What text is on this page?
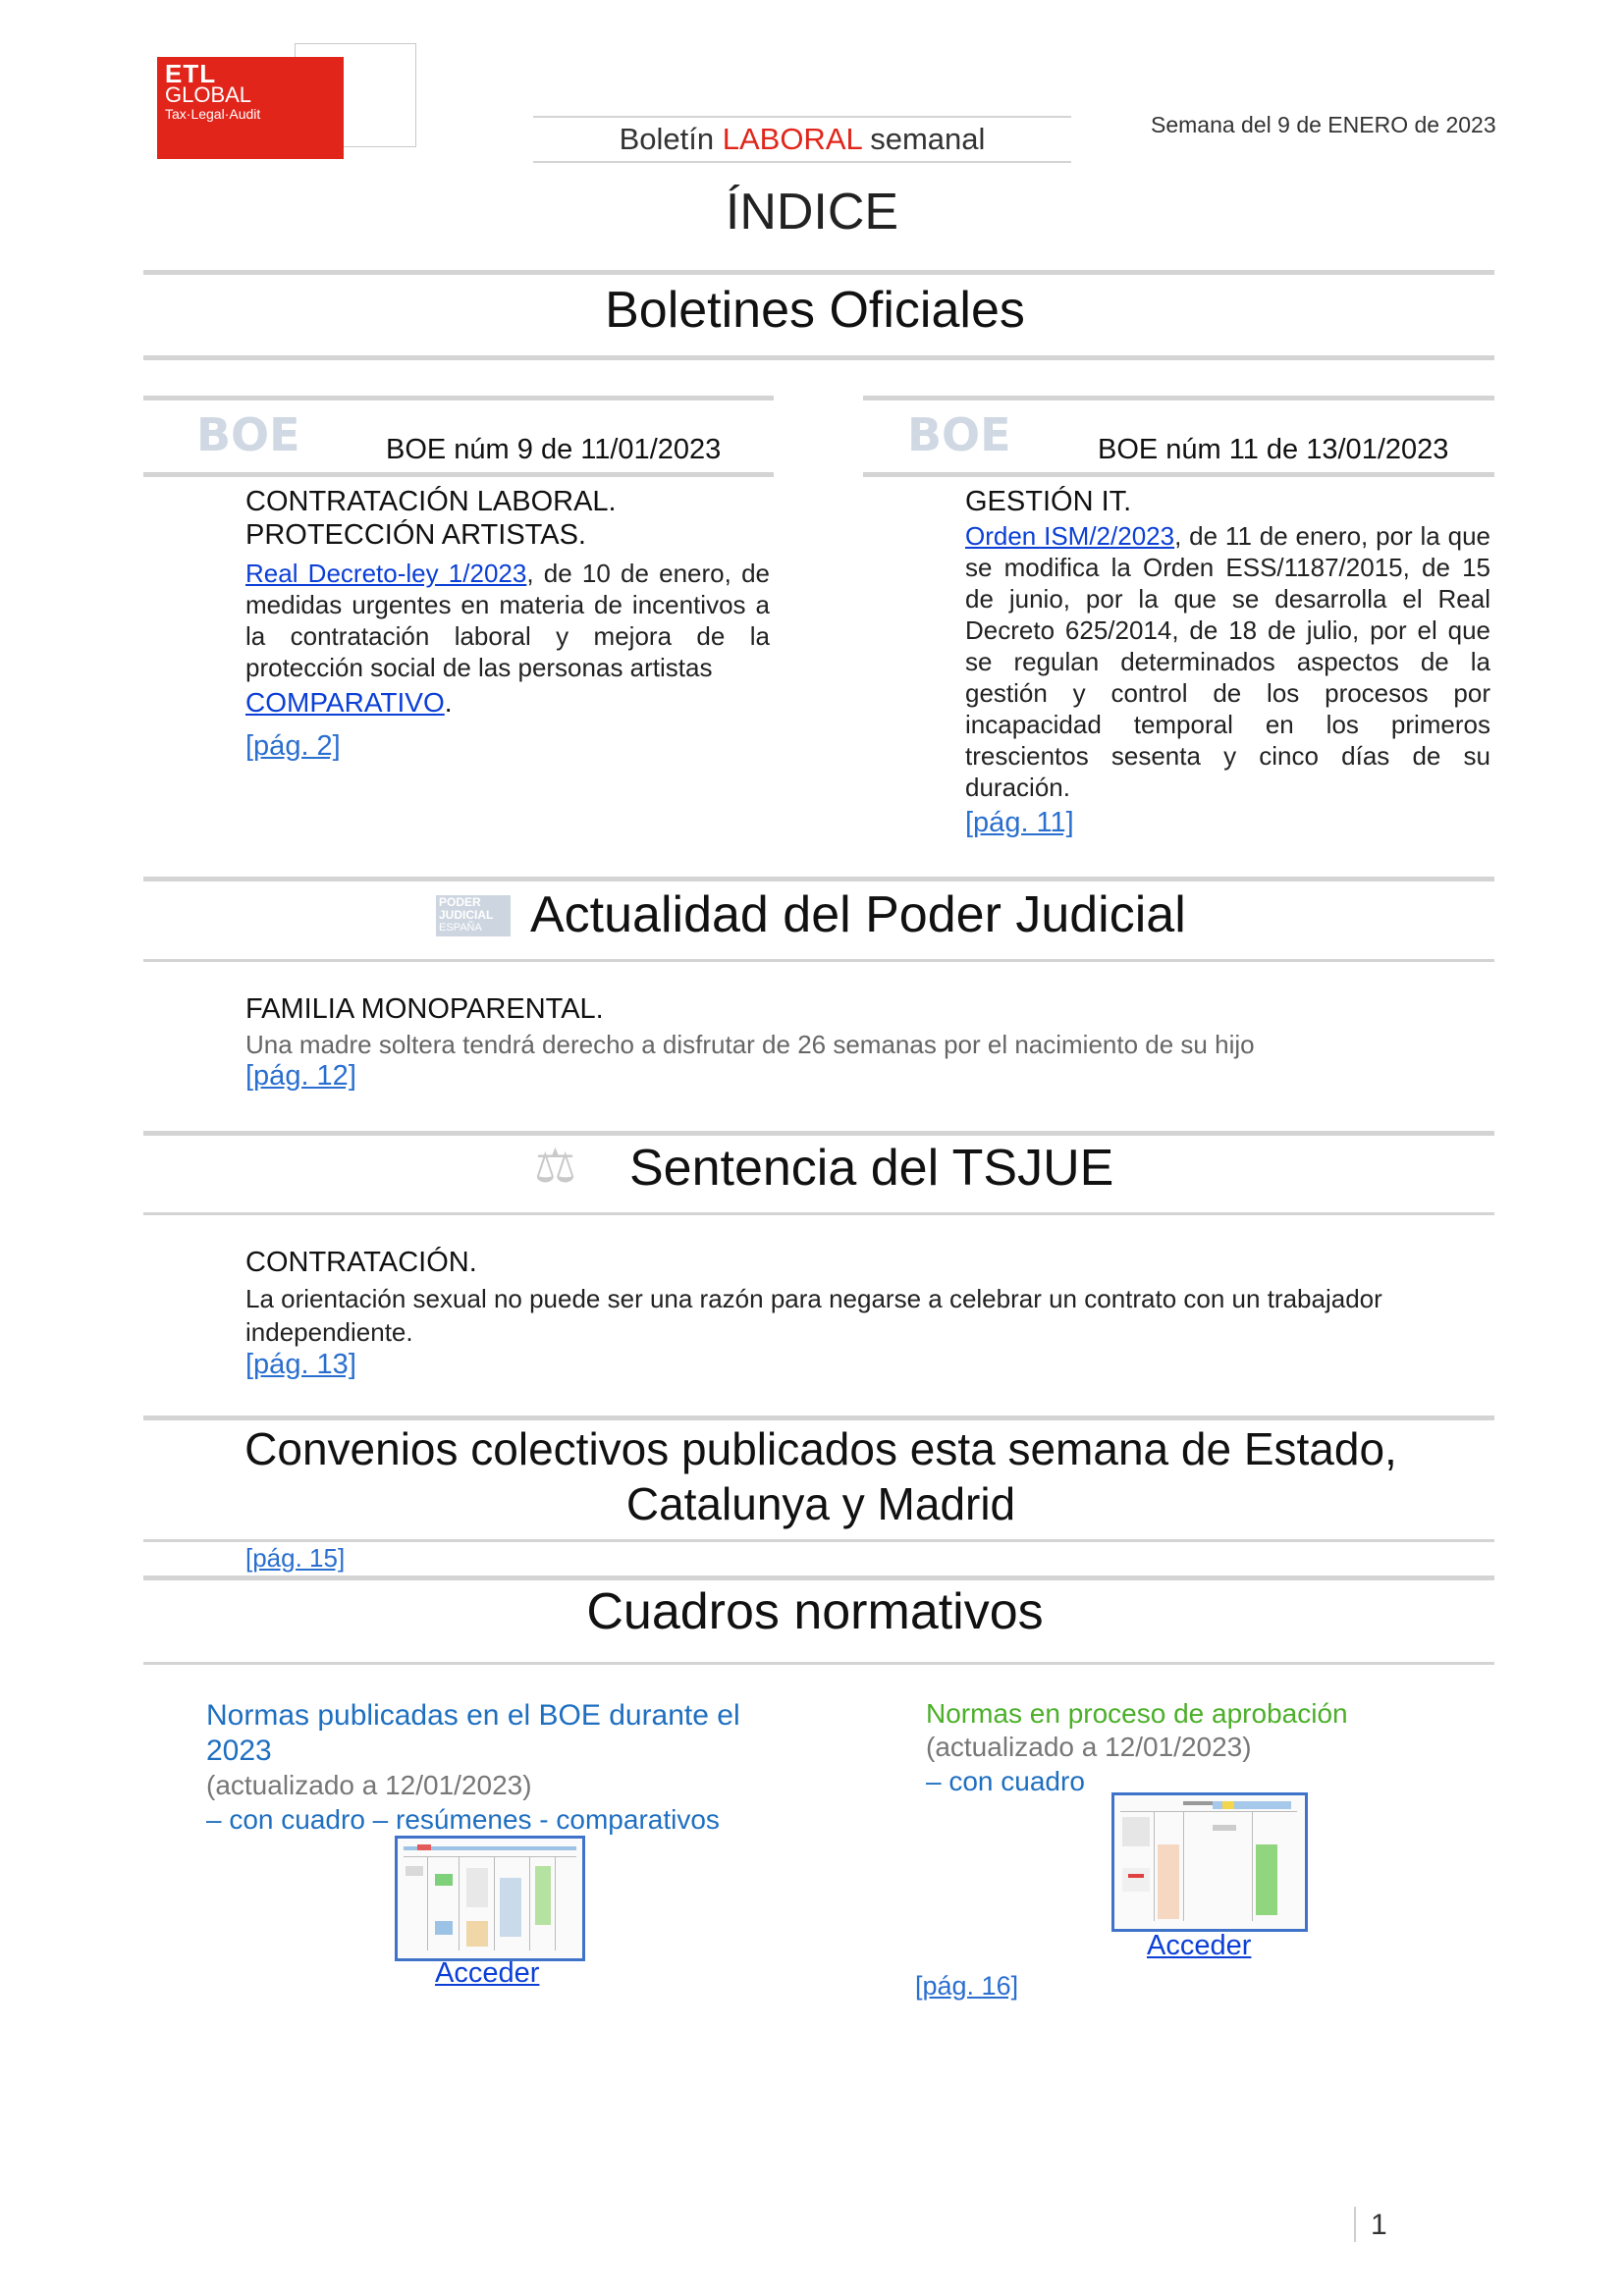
ETL
GLOBAL
Tax·Legal·Audit
Boletín LABORAL semanal	Semana del 9 de ENERO de 2023
ÍNDICE
Boletines Oficiales
BOE	BOE núm 9 de 11/01/2023
CONTRATACIÓN LABORAL.
PROTECCIÓN ARTISTAS.
Real Decreto-ley 1/2023, de 10 de enero, de medidas urgentes en materia de incentivos a la contratación laboral y mejora de la protección social de las personas artistas
COMPARATIVO.
[pág. 2]
BOE	BOE núm 11 de 13/01/2023
GESTIÓN IT.
Orden ISM/2/2023, de 11 de enero, por la que se modifica la Orden ESS/1187/2015, de 15 de junio, por la que se desarrolla el Real Decreto 625/2014, de 18 de julio, por el que se regulan determinados aspectos de la gestión y control de los procesos por incapacidad temporal en los primeros trescientos sesenta y cinco días de su duración.
[pág. 11]
PODER
JUDICIAL
ESPAÑA Actualidad del Poder Judicial
FAMILIA MONOPARENTAL.
Una madre soltera tendrá derecho a disfrutar de 26 semanas por el nacimiento de su hijo
[pág. 12]
⚖ Sentencia del TSJUE
CONTRATACIÓN.
La orientación sexual no puede ser una razón para negarse a celebrar un contrato con un trabajador independiente.
[pág. 13]
Convenios colectivos publicados esta semana de Estado,
Catalunya y Madrid
[pág. 15]
Cuadros normativos
Normas publicadas en el BOE durante el
2023
(actualizado a 12/01/2023)
– con cuadro – resúmenes - comparativos
Acceder
Normas en proceso de aprobación
(actualizado a 12/01/2023)
– con cuadro
Acceder
[pág. 16]
1
